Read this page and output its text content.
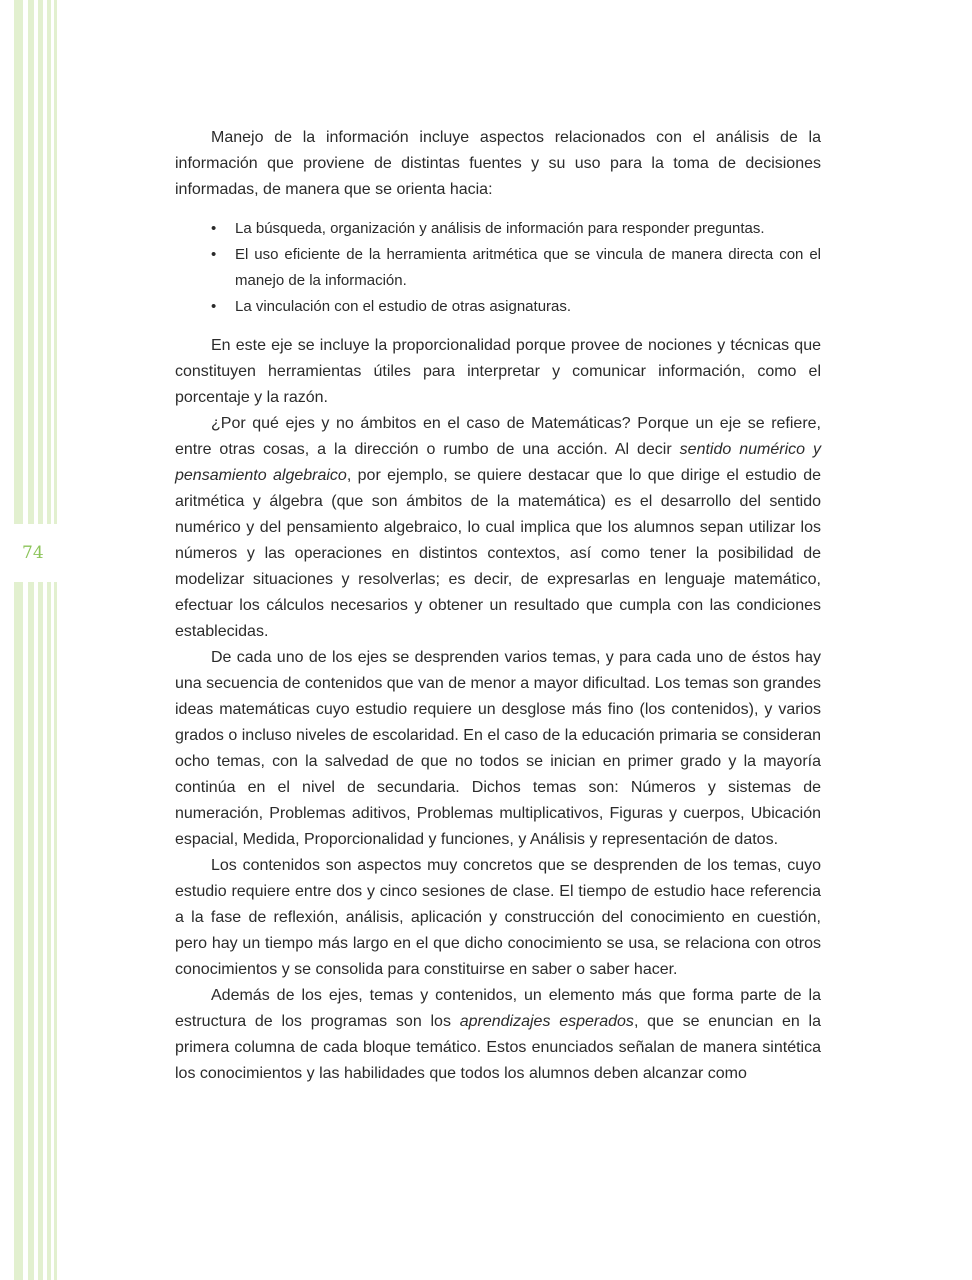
74

Manejo de la información incluye aspectos relacionados con el análisis de la información que proviene de distintas fuentes y su uso para la toma de decisiones informadas, de manera que se orienta hacia:

• La búsqueda, organización y análisis de información para responder preguntas.
• El uso eficiente de la herramienta aritmética que se vincula de manera directa con el manejo de la información.
• La vinculación con el estudio de otras asignaturas.

En este eje se incluye la proporcionalidad porque provee de nociones y técnicas que constituyen herramientas útiles para interpretar y comunicar información, como el porcentaje y la razón.

¿Por qué ejes y no ámbitos en el caso de Matemáticas? Porque un eje se refiere, entre otras cosas, a la dirección o rumbo de una acción. Al decir sentido numérico y pensamiento algebraico, por ejemplo, se quiere destacar que lo que dirige el estudio de aritmética y álgebra (que son ámbitos de la matemática) es el desarrollo del sentido numérico y del pensamiento algebraico, lo cual implica que los alumnos sepan utilizar los números y las operaciones en distintos contextos, así como tener la posibilidad de modelizar situaciones y resolverlas; es decir, de expresarlas en lenguaje matemático, efectuar los cálculos necesarios y obtener un resultado que cumpla con las condiciones establecidas.

De cada uno de los ejes se desprenden varios temas, y para cada uno de éstos hay una secuencia de contenidos que van de menor a mayor dificultad. Los temas son grandes ideas matemáticas cuyo estudio requiere un desglose más fino (los contenidos), y varios grados o incluso niveles de escolaridad. En el caso de la educación primaria se consideran ocho temas, con la salvedad de que no todos se inician en primer grado y la mayoría continúa en el nivel de secundaria. Dichos temas son: Números y sistemas de numeración, Problemas aditivos, Problemas multiplicativos, Figuras y cuerpos, Ubicación espacial, Medida, Proporcionalidad y funciones, y Análisis y representación de datos.

Los contenidos son aspectos muy concretos que se desprenden de los temas, cuyo estudio requiere entre dos y cinco sesiones de clase. El tiempo de estudio hace referencia a la fase de reflexión, análisis, aplicación y construcción del conocimiento en cuestión, pero hay un tiempo más largo en el que dicho conocimiento se usa, se relaciona con otros conocimientos y se consolida para constituirse en saber o saber hacer.

Además de los ejes, temas y contenidos, un elemento más que forma parte de la estructura de los programas son los aprendizajes esperados, que se enuncian en la primera columna de cada bloque temático. Estos enunciados señalan de manera sintética los conocimientos y las habilidades que todos los alumnos deben alcanzar como
